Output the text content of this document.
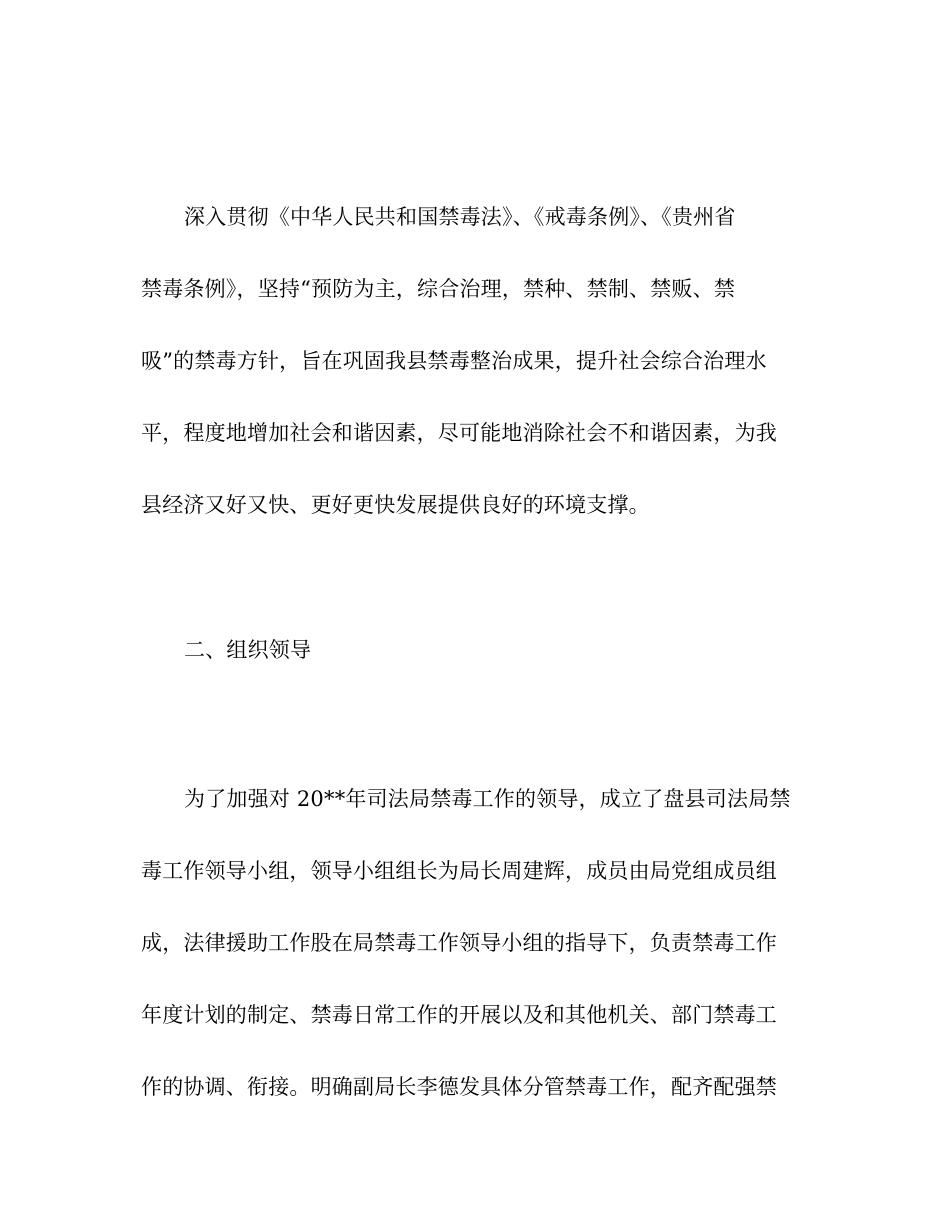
深入贯彻《中华人民共和国禁毒法》、《戒毒条例》、《贵州省
禁毒条例》，坚持“预防为主，综合治理，禁种、禁制、禁贩、禁
吸”的禁毒方针，旨在巩固我县禁毒整治成果，提升社会综合治理水
平，程度地增加社会和谐因素，尽可能地消除社会不和谐因素，为我
县经济又好又快、更好更快发展提供良好的环境支撑。
二、组织领导
为了加强对 20**年司法局禁毒工作的领导，成立了盘县司法局禁
毒工作领导小组，领导小组组长为局长周建辉，成员由局党组成员组
成，法律援助工作股在局禁毒工作领导小组的指导下，负责禁毒工作
年度计划的制定、禁毒日常工作的开展以及和其他机关、部门禁毒工
作的协调、衔接。明确副局长李德发具体分管禁毒工作，配齐配强禁
